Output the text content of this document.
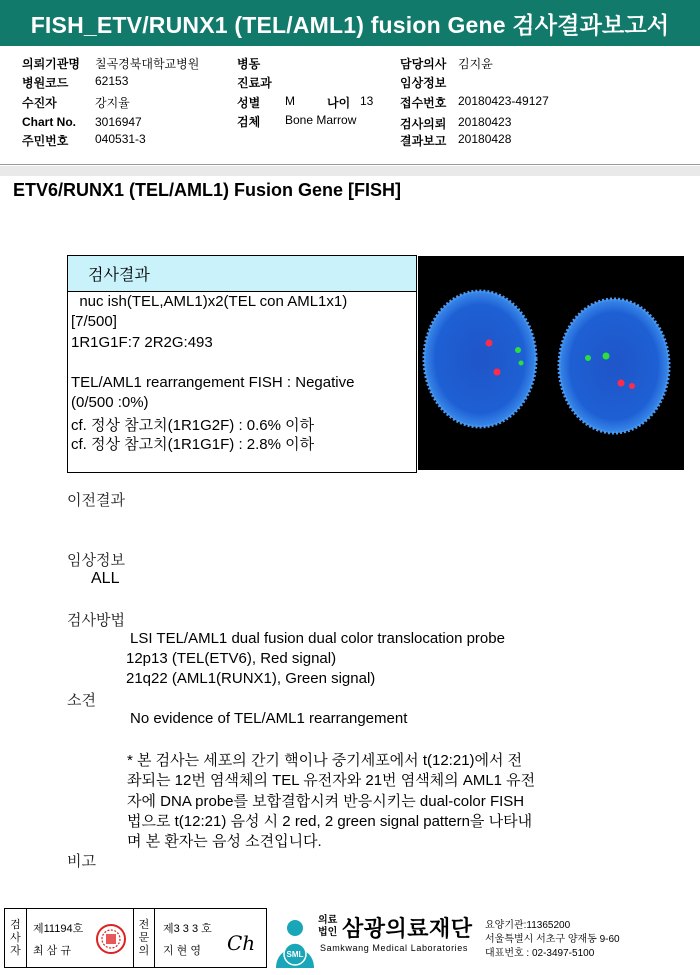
FISH_ETV/RUNX1 (TEL/AML1) fusion Gene 검사결과보고서
의뢰기관명 칠곡경북대학교병원
병원코드 62153
수진자	강지율
Chart No. 3016947
주민번호 040531-3
병동
진료과
성별 M	나이 13
검체 Bone Marrow
담당의사 김지윤
임상정보
접수번호 20180423-49127
검사의뢰 20180423
결과보고 20180428
ETV6/RUNX1 (TEL/AML1) Fusion Gene [FISH]
검사결과
nuc ish(TEL,AML1)x2(TEL con AML1x1)
[7/500]
1R1G1F:7 2R2G:493
TEL/AML1 rearrangement FISH : Negative
(0/500 :0%)
cf. 정상 참고치(1R1G2F) : 0.6% 이하
cf. 정상 참고치(1R1G1F) : 2.8% 이하
이전결과
임상정보
ALL
검사방법
LSI TEL/AML1 dual fusion dual color translocation probe
12p13 (TEL(ETV6), Red signal)
21q22 (AML1(RUNX1), Green signal)
소견
No evidence of TEL/AML1 rearrangement
* 본 검사는 세포의 간기 핵이나 중기세포에서 t(12:21)에서 전
좌되는 12번 염색체의 TEL 유전자와 21번 염색체의 AML1 유전
자에 DNA probe를 보합결합시켜 반응시키는 dual-color FISH
법으로 t(12:21) 음성 시 2 red, 2 green signal pattern을 나타내
며 본 환자는 음성 소견입니다.
비고
검
사
자
제11194호
최 삼 규
전
문
의
제3 3 3 호
지 현 영 Ch	SML
의료
법인 삼광의료재단
Samkwang Medical Laboratories
요양기관:11365200
서울특별시 서초구 양재동 9-60
대표번호 : 02-3497-5100
